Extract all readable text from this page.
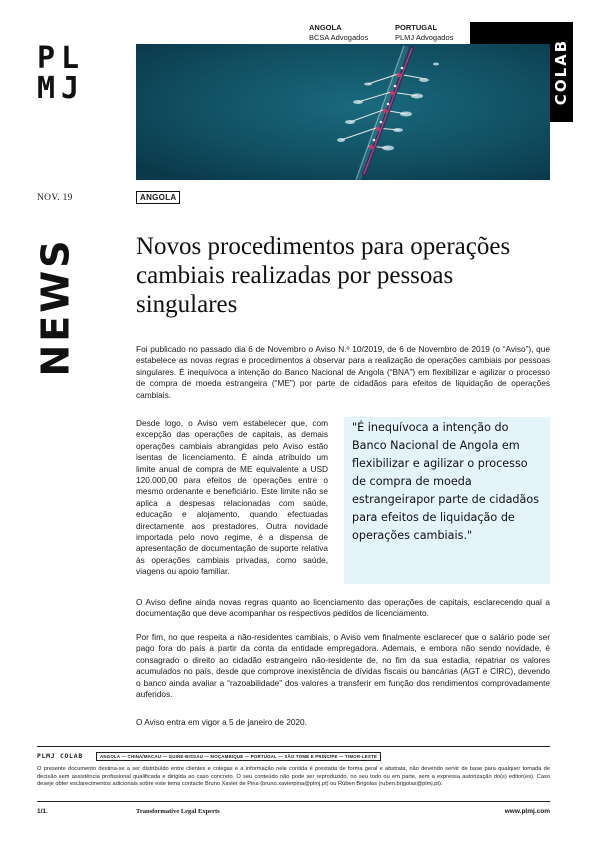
PL
MJ
ANGOLA
BCSA Advogados
PORTUGAL
PLMJ Advogados
COLAB
NOV. 19	ANGOLA
NEWS Novos procedimentos para operações cambiais realizadas por pessoas singulares

Foi publicado no passado dia 6 de Novembro o Aviso N.º 10/2019, de 6 de Novembro de 2019 (o “Aviso”), que estabelece as novas regras e procedimentos a observar para a realização de operações cambiais por pessoas singulares. É inequívoca a intenção do Banco Nacional de Angola (“BNA”) em flexibilizar e agilizar o processo de compra de moeda estrangeira (“ME”) por parte de cidadãos para efeitos de liquidação de operações cambiais.

Desde logo, o Aviso vem estabelecer que, com excepção das operações de capitais, as demais operações cambiais abrangidas pelo Aviso estão isentas de licenciamento. É ainda atribuído um limite anual de compra de ME equivalente a USD 120.000,00 para efeitos de operações entre o mesmo ordenante e beneficiário. Este limite não se aplica a despesas relacionadas com saúde, educação e alojamento, quando efectuadas directamente aos prestadores. Outra novidade importada pelo novo regime, é a dispensa de apresentação de documentação de suporte relativa às operações cambiais privadas, como saúde, viagens ou apoio familiar.

"É inequívoca a intenção do Banco Nacional de Angola em flexibilizar e agilizar o processo de compra de moeda estrangeirapor parte de cidadãos para efeitos de liquidação de operações cambiais."

O Aviso define ainda novas regras quanto ao licenciamento das operações de capitais, esclarecendo qual a documentação que deve acompanhar os respectivos pedidos de licenciamento.

Por fim, no que respeita a não-residentes cambiais, o Aviso vem finalmente esclarecer que o salário pode ser pago fora do país a partir da conta da entidade empregadora. Ademais, e embora não sendo novidade, é consagrado o direito ao cidadão estrangeiro não-residente de, no fim da sua estadia, repatriar os valores acumulados no país, desde que comprove inexistência de dívidas fiscais ou bancárias (AGT e CIRC), devendo o banco ainda avaliar a “razoabilidade” dos valores a transferir em função dos rendimentos comprovadamente auferidos.

O Aviso entra em vigor a 5 de janeiro de 2020.

PLMJ COLAB	ANGOLA — CHINA/MACAU — GUINÉ-BISSAU — MOÇAMBIQUE — PORTUGAL — SÃO TOMÉ E PRÍNCIPE — TIMOR-LESTE

O presente documento destina-se a ser distribuído entre clientes e colegas e a informação nele contida é prestada de forma geral e abstrata, não devendo servir de base para qualquer tomada de decisão sem assistência profissional qualificada e dirigida ao caso concreto. O seu conteúdo não pode ser reproduzido, no seu todo ou em parte, sem a expressa autorização do(s) editor(es). Caso deseje obter esclarecimentos adicionais sobre este tema contacte Bruno Xavier de Pina (bruno.xavierpina@plmj.pt) ou Rúben Brigolas (ruben.brigolas@plmj.pt).

1/1.	Transformative Legal Experts	www.plmj.com
